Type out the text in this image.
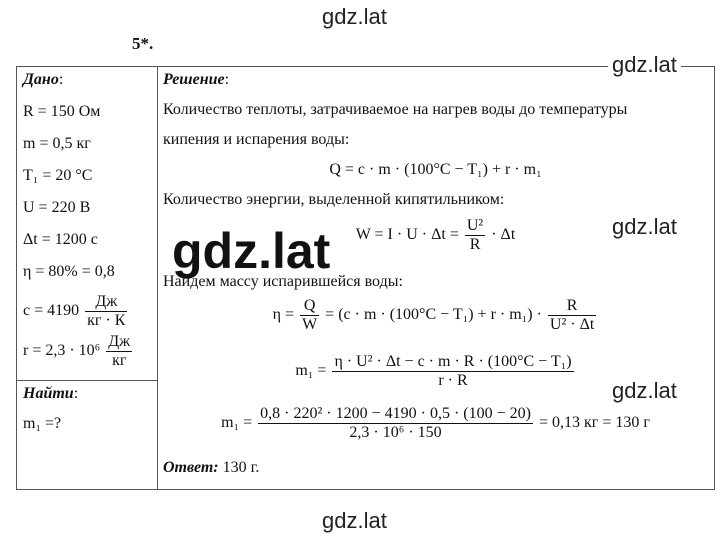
gdz.lat
5*.
Дано:
R = 150 Ом
m = 0,5 кг
T₁ = 20 °C
U = 220 В
Δt = 1200 с
η = 80% = 0,8
$c = 4190 \frac{Дж}{кг \cdot К}$
$r = 2,3 \cdot 10^6 \frac{Дж}{кг}$
Найти:
m₁ =?
Решение:
Количество теплоты, затрачиваемое на нагрев воды до температуры
кипения и испарения воды:
Q = c · m · (100°C − T₁) + r · m₁
Количество энергии, выделенной кипятильником:
$W = I \cdot U \cdot \Delta t = \frac{\text{U²}}{R} \cdot \Delta t$
Найдем массу испарившейся воды:
$\eta = \frac{Q}{W} = (c \cdot m \cdot (100^\circ C - T_1) + r \cdot m_1) \cdot \frac{R}{\text{U² · Δt}}$
$m_1 = \frac{\text{η · U² · Δt − c · m · R · (100°C − T₁)}}{r \cdot R}$
$m_1 = \frac{\text{0,8 · 220² · 1200 − 4190 · 0,5 · (100 − 20)}}{\text{2,3 · 10⁶ · 150}} = 0,13$ кг = 130 г
Ответ: 130 г.
gdz.lat
gdz.lat
gdz.lat
gdz.lat
gdz.lat
